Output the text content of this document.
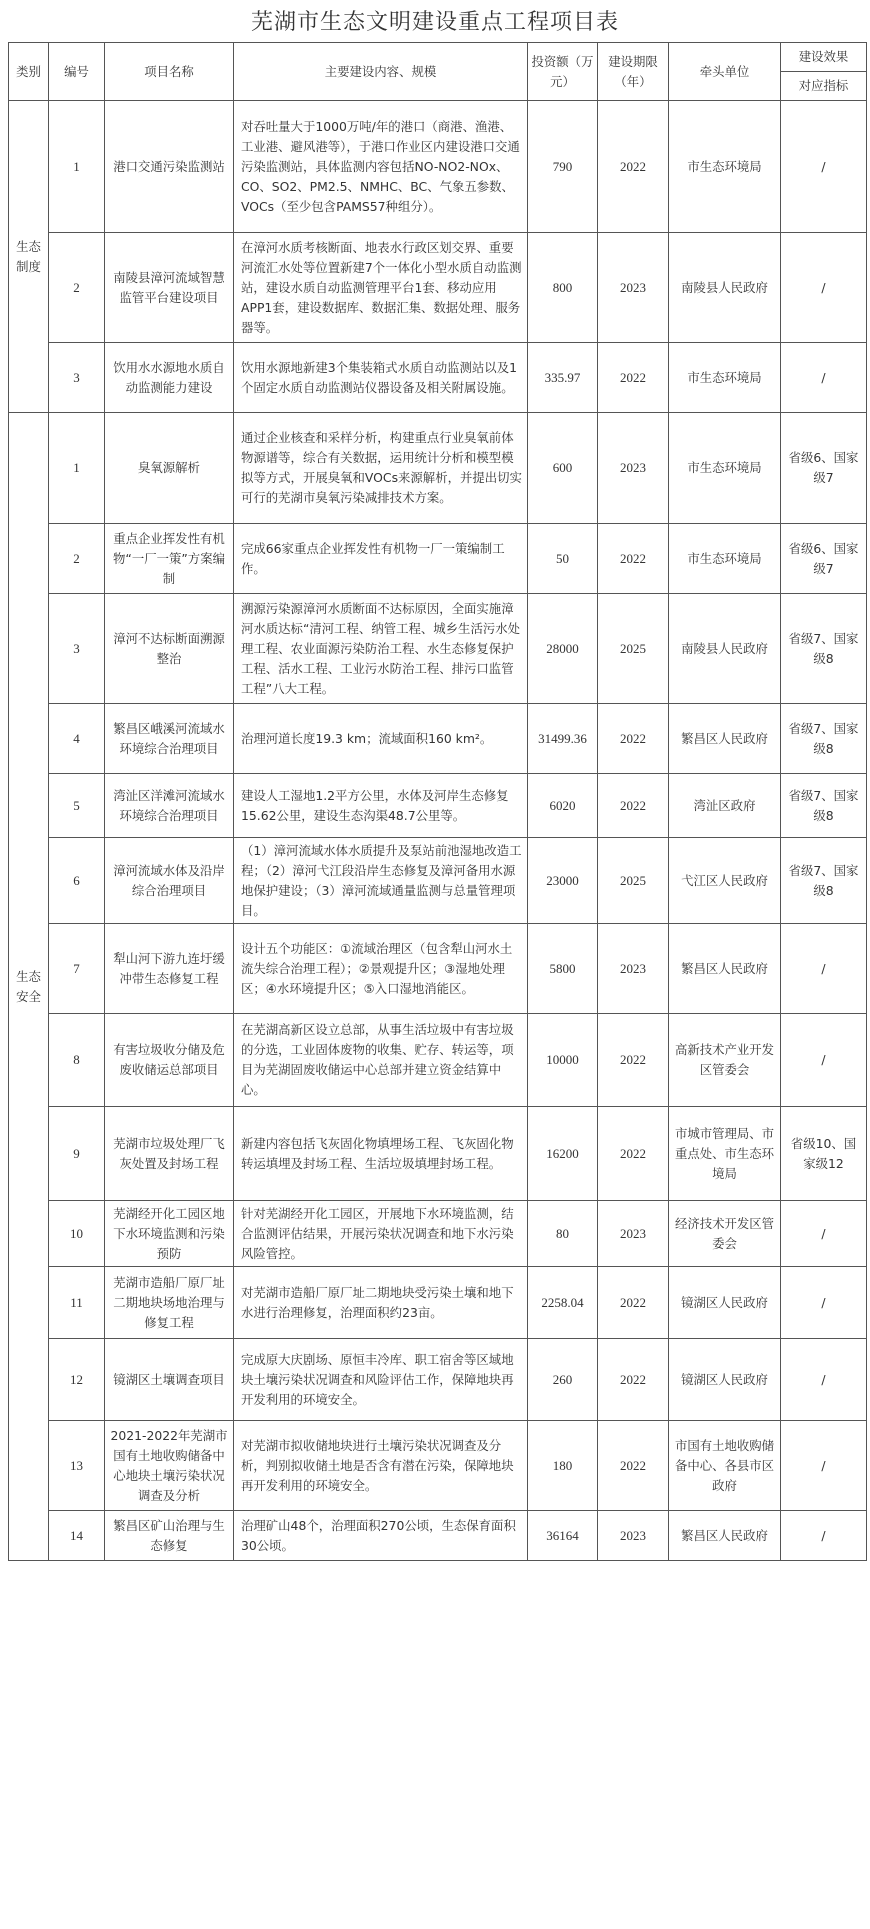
芜湖市生态文明建设重点工程项目表
类别	编号	项目名称	主要建设内容、规模	投资额（万元）	建设期限（年）	牵头单位	建设效果
							对应指标
生态制度	1	港口交通污染监测站	对吞吐量大于1000万吨/年的港口（商港、渔港、工业港、避风港等），于港口作业区内建设港口交通污染监测站，具体监测内容包括NO-NO2-NOx、CO、SO2、PM2.5、NMHC、BC、气象五参数、VOCs（至少包含PAMS57种组分）。	790	2022	市生态环境局	/
	2	南陵县漳河流域智慧监管平台建设项目	在漳河水质考核断面、地表水行政区划交界、重要河流汇水处等位置新建7个一体化小型水质自动监测站，建设水质自动监测管理平台1套、移动应用APP1套，建设数据库、数据汇集、数据处理、服务器等。	800	2023	南陵县人民政府	/
	3	饮用水水源地水质自动监测能力建设	饮用水源地新建3个集装箱式水质自动监测站以及1个固定水质自动监测站仪器设备及相关附属设施。	335.97	2022	市生态环境局	/
生态安全	1	臭氧源解析	通过企业核查和采样分析，构建重点行业臭氧前体物源谱等，综合有关数据，运用统计分析和模型模拟等方式，开展臭氧和VOCs来源解析，并提出切实可行的芜湖市臭氧污染减排技术方案。	600	2023	市生态环境局	省级6、国家级7
	2	重点企业挥发性有机物“一厂一策”方案编制	完成66家重点企业挥发性有机物一厂一策编制工作。	50	2022	市生态环境局	省级6、国家级7
	3	漳河不达标断面溯源整治	溯源污染源漳河水质断面不达标原因，全面实施漳河水质达标“清河工程、纳管工程、城乡生活污水处理工程、农业面源污染防治工程、水生态修复保护工程、活水工程、工业污水防治工程、排污口监管工程”八大工程。	28000	2025	南陵县人民政府	省级7、国家级8
	4	繁昌区峨溪河流域水环境综合治理项目	治理河道长度19.3 km；流域面积160 km²。	31499.36	2022	繁昌区人民政府	省级7、国家级8
	5	湾沚区洋滩河流域水环境综合治理项目	建设人工湿地1.2平方公里，水体及河岸生态修复15.62公里，建设生态沟渠48.7公里等。	6020	2022	湾沚区政府	省级7、国家级8
	6	漳河流域水体及沿岸综合治理项目	（1）漳河流域水体水质提升及泵站前池湿地改造工程；（2）漳河弋江段沿岸生态修复及漳河备用水源地保护建设；（3）漳河流域通量监测与总量管理项目。	23000	2025	弋江区人民政府	省级7、国家级8
	7	犁山河下游九连圩缓冲带生态修复工程	设计五个功能区：①流域治理区（包含犁山河水土流失综合治理工程）；②景观提升区；③湿地处理区；④水环境提升区；⑤入口湿地消能区。	5800	2023	繁昌区人民政府	/
	8	有害垃圾收分储及危废收储运总部项目	在芜湖高新区设立总部，从事生活垃圾中有害垃圾的分选，工业固体废物的收集、贮存、转运等，项目为芜湖固废收储运中心总部并建立资金结算中心。	10000	2022	高新技术产业开发区管委会	/
	9	芜湖市垃圾处理厂飞灰处置及封场工程	新建内容包括飞灰固化物填埋场工程、飞灰固化物转运填埋及封场工程、生活垃圾填埋封场工程。	16200	2022	市城市管理局、市重点处、市生态环境局	省级10、国家级12
	10	芜湖经开化工园区地下水环境监测和污染预防	针对芜湖经开化工园区，开展地下水环境监测，结合监测评估结果，开展污染状况调查和地下水污染风险管控。	80	2023	经济技术开发区管委会	/
	11	芜湖市造船厂原厂址二期地块场地治理与修复工程	对芜湖市造船厂原厂址二期地块受污染土壤和地下水进行治理修复，治理面积约23亩。	2258.04	2022	镜湖区人民政府	/
	12	镜湖区土壤调查项目	完成原大庆剧场、原恒丰冷库、职工宿舍等区域地块土壤污染状况调查和风险评估工作，保障地块再开发利用的环境安全。	260	2022	镜湖区人民政府	/
	13	2021-2022年芜湖市国有土地收购储备中心地块土壤污染状况调查及分析	对芜湖市拟收储地块进行土壤污染状况调查及分析，判别拟收储土地是否含有潜在污染，保障地块再开发利用的环境安全。	180	2022	市国有土地收购储备中心、各县市区政府	/
	14	繁昌区矿山治理与生态修复	治理矿山48个，治理面积270公顷，生态保育面积30公顷。	36164	2023	繁昌区人民政府	/
